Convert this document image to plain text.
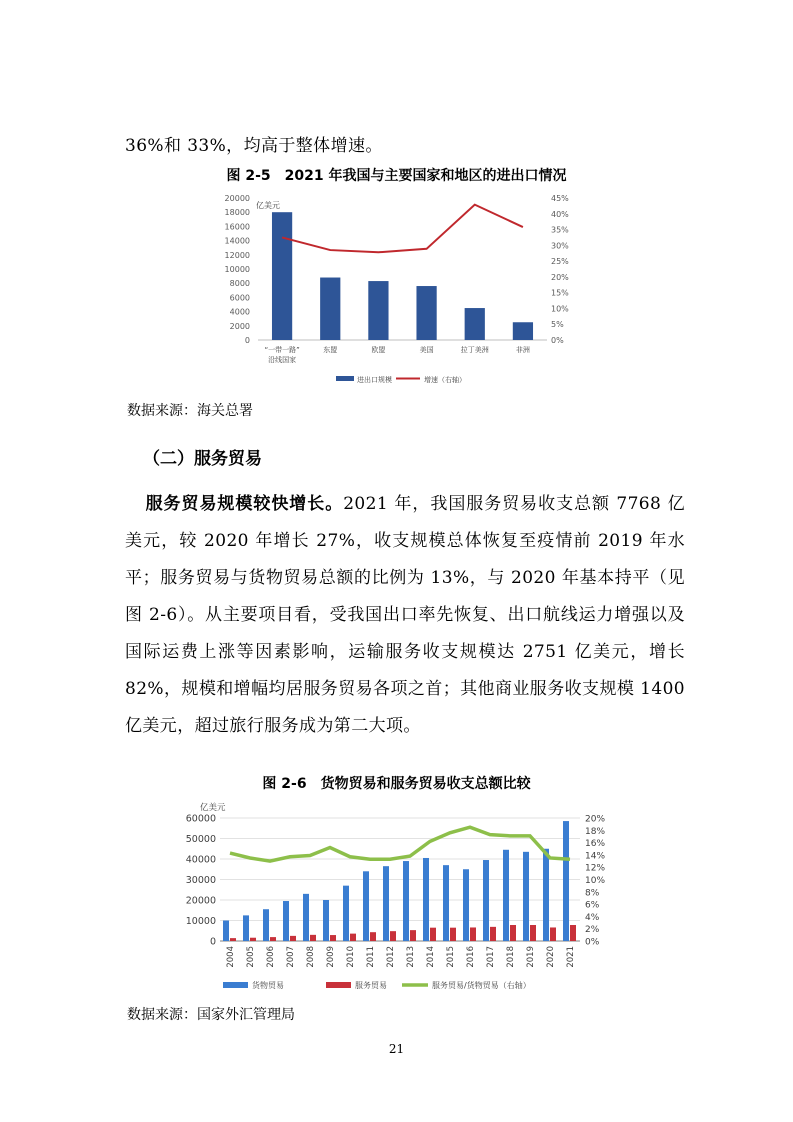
36%和 33%，均高于整体增速。
图 2-5　2021 年我国与主要国家和地区的进出口情况
0
2000
4000
6000
8000
10000
12000
14000
16000
18000
20000
0%
5%
10%
15%
20%
25%
30%
35%
40%
45%
亿美元
“一带一路”
沿线国家
东盟	欧盟	美国	拉丁美洲	非洲
进出口规模	增速（右轴）
数据来源：海关总署
（二）服务贸易
服务贸易规模较快增长。2021 年，我国服务贸易收支总额 7768 亿美元，较 2020 年增长 27%，收支规模总体恢复至疫情前 2019 年水平；服务贸易与货物贸易总额的比例为 13%，与 2020 年基本持平（见图 2-6）。从主要项目看，受我国出口率先恢复、出口航线运力增强以及国际运费上涨等因素影响，运输服务收支规模达 2751 亿美元，增长 82%，规模和增幅均居服务贸易各项之首；其他商业服务收支规模 1400 亿美元，超过旅行服务成为第二大项。
图 2-6　货物贸易和服务贸易收支总额比较
0
10000
20000
30000
40000
50000
60000
0%
2%
4%
6%
8%
10%
12%
14%
16%
18%
20%
亿美元
2004 2005 2006 2007 2008 2009 2010 2011 2012 2013 2014 2015 2016 2017 2018 2019 2020 2021
货物贸易	服务贸易	服务贸易/货物贸易（右轴）
数据来源：国家外汇管理局
21
